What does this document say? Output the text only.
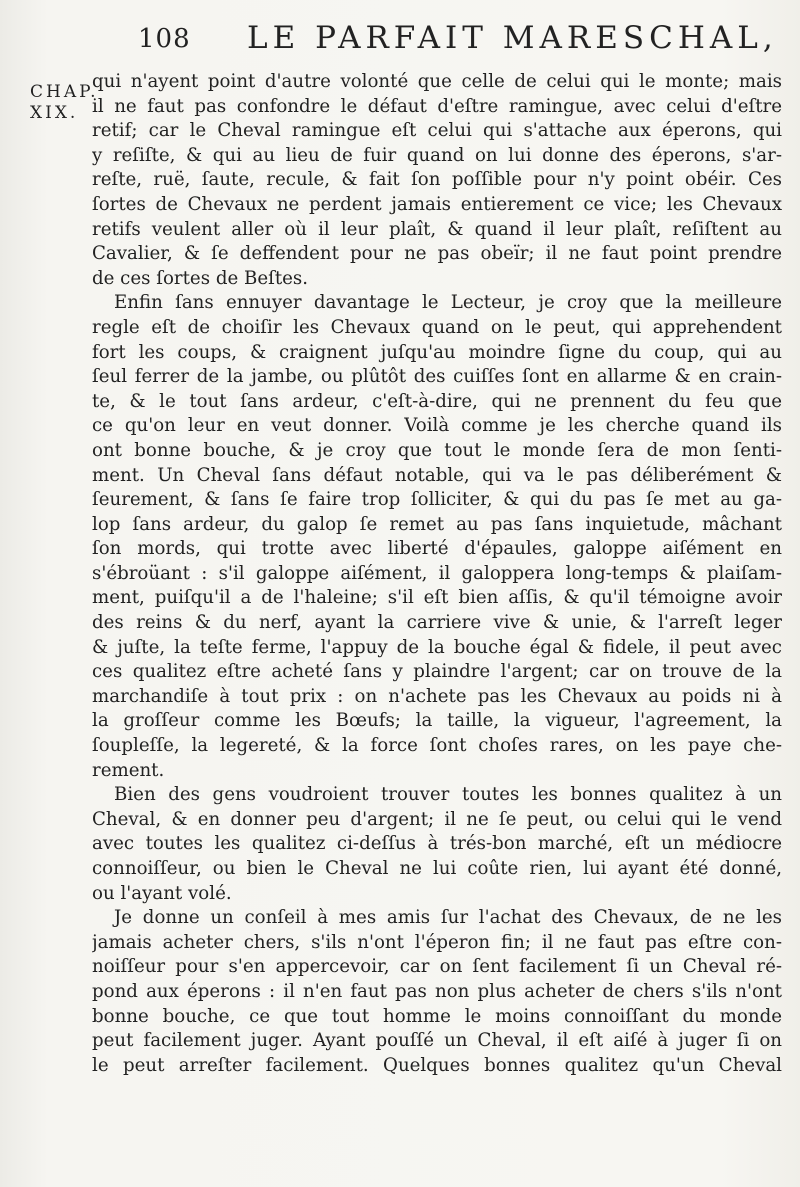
108 LE PARFAIT MARESCHAL,
CHAP.
XIX.
qui n'ayent point d'autre volonté que celle de celui qui le monte; mais
il ne faut pas confondre le défaut d'eſtre ramingue, avec celui d'eſtre
retif; car le Cheval ramingue eſt celui qui s'attache aux éperons, qui
y reſiſte, & qui au lieu de fuir quand on lui donne des éperons, s'ar-
reſte, ruë, ſaute, recule, & fait ſon poſſible pour n'y point obéir. Ces
ſortes de Chevaux ne perdent jamais entierement ce vice; les Chevaux
retifs veulent aller où il leur plaît, & quand il leur plaît, reſiſtent au
Cavalier, & ſe deffendent pour ne pas obeïr; il ne faut point prendre
de ces ſortes de Beſtes.
Enfin ſans ennuyer davantage le Lecteur, je croy que la meilleure
regle eſt de choiſir les Chevaux quand on le peut, qui apprehendent
fort les coups, & craignent juſqu'au moindre ſigne du coup, qui au
ſeul ferrer de la jambe, ou plûtôt des cuiſſes ſont en allarme & en crain-
te, & le tout ſans ardeur, c'eſt-à-dire, qui ne prennent du feu que
ce qu'on leur en veut donner. Voilà comme je les cherche quand ils
ont bonne bouche, & je croy que tout le monde ſera de mon ſenti-
ment. Un Cheval ſans défaut notable, qui va le pas déliberément &
ſeurement, & ſans ſe faire trop ſolliciter, & qui du pas ſe met au ga-
lop ſans ardeur, du galop ſe remet au pas ſans inquietude, mâchant
ſon mords, qui trotte avec liberté d'épaules, galoppe aiſément en
s'ébroüant : s'il galoppe aiſément, il galoppera long-temps & plaiſam-
ment, puiſqu'il a de l'haleine; s'il eſt bien aſſis, & qu'il témoigne avoir
des reins & du nerf, ayant la carriere vive & unie, & l'arreſt leger
& juſte, la teſte ferme, l'appuy de la bouche égal & fidele, il peut avec
ces qualitez eſtre acheté ſans y plaindre l'argent; car on trouve de la
marchandiſe à tout prix : on n'achete pas les Chevaux au poids ni à
la groſſeur comme les Bœufs; la taille, la vigueur, l'agreement, la
ſoupleſſe, la legereté, & la force ſont choſes rares, on les paye che-
rement.
Bien des gens voudroient trouver toutes les bonnes qualitez à un
Cheval, & en donner peu d'argent; il ne ſe peut, ou celui qui le vend
avec toutes les qualitez ci-deſſus à trés-bon marché, eſt un médiocre
connoiſſeur, ou bien le Cheval ne lui coûte rien, lui ayant été donné,
ou l'ayant volé.
Je donne un conſeil à mes amis ſur l'achat des Chevaux, de ne les
jamais acheter chers, s'ils n'ont l'éperon fin; il ne faut pas eſtre con-
noiſſeur pour s'en appercevoir, car on ſent facilement ſi un Cheval ré-
pond aux éperons : il n'en faut pas non plus acheter de chers s'ils n'ont
bonne bouche, ce que tout homme le moins connoiſſant du monde
peut facilement juger. Ayant pouſſé un Cheval, il eſt aiſé à juger ſi on
le peut arreſter facilement. Quelques bonnes qualitez qu'un Cheval
